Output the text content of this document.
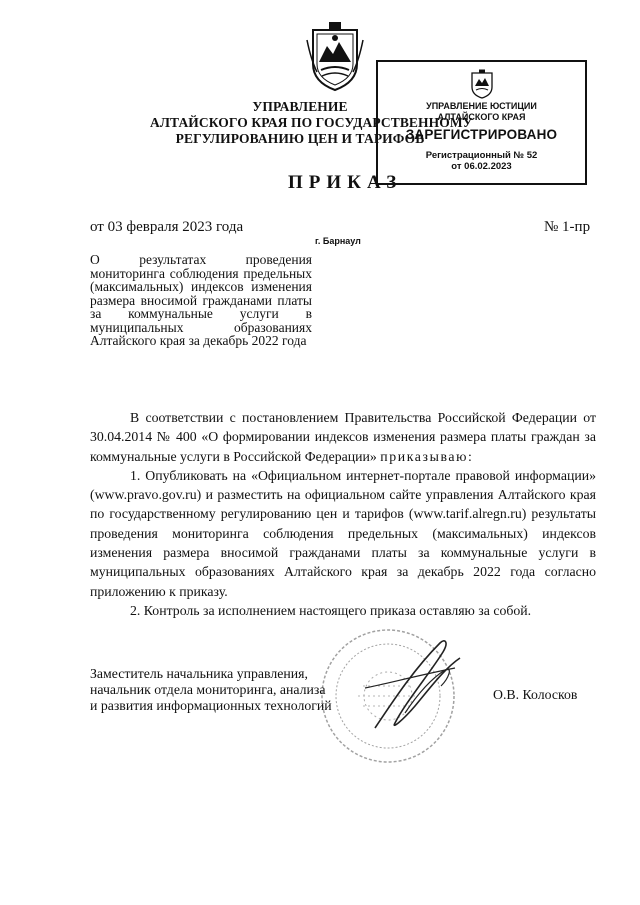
УПРАВЛЕНИЕ
АЛТАЙСКОГО КРАЯ ПО ГОСУДАРСТВЕННОМУ
РЕГУЛИРОВАНИЮ ЦЕН И ТАРИФОВ
ПРИКАЗ
УПРАВЛЕНИЕ ЮСТИЦИИ
АЛТАЙСКОГО КРАЯ
ЗАРЕГИСТРИРОВАНО
Регистрационный № 52
от 06.02.2023
от 03 февраля 2023 года	№ 1-пр
г. Барнаул
О результатах проведения мониторинга соблюдения предельных (максимальных) индексов изменения размера вносимой гражданами платы за коммунальные услуги в муниципальных образованиях Алтайского края за декабрь 2022 года

В соответствии с постановлением Правительства Российской Федерации от 30.04.2014 № 400 «О формировании индексов изменения размера платы граждан за коммунальные услуги в Российской Федерации» приказываю:

1. Опубликовать на «Официальном интернет-портале правовой информации» (www.pravo.gov.ru) и разместить на официальном сайте управления Алтайского края по государственному регулированию цен и тарифов (www.tarif.alregn.ru) результаты проведения мониторинга соблюдения предельных (максимальных) индексов изменения размера вносимой гражданами платы за коммунальные услуги в муниципальных образованиях Алтайского края за декабрь 2022 года согласно приложению к приказу.

2. Контроль за исполнением настоящего приказа оставляю за собой.

Заместитель начальника управления,
начальник отдела мониторинга, анализа
и развития информационных технологий
О.В. Колосков
